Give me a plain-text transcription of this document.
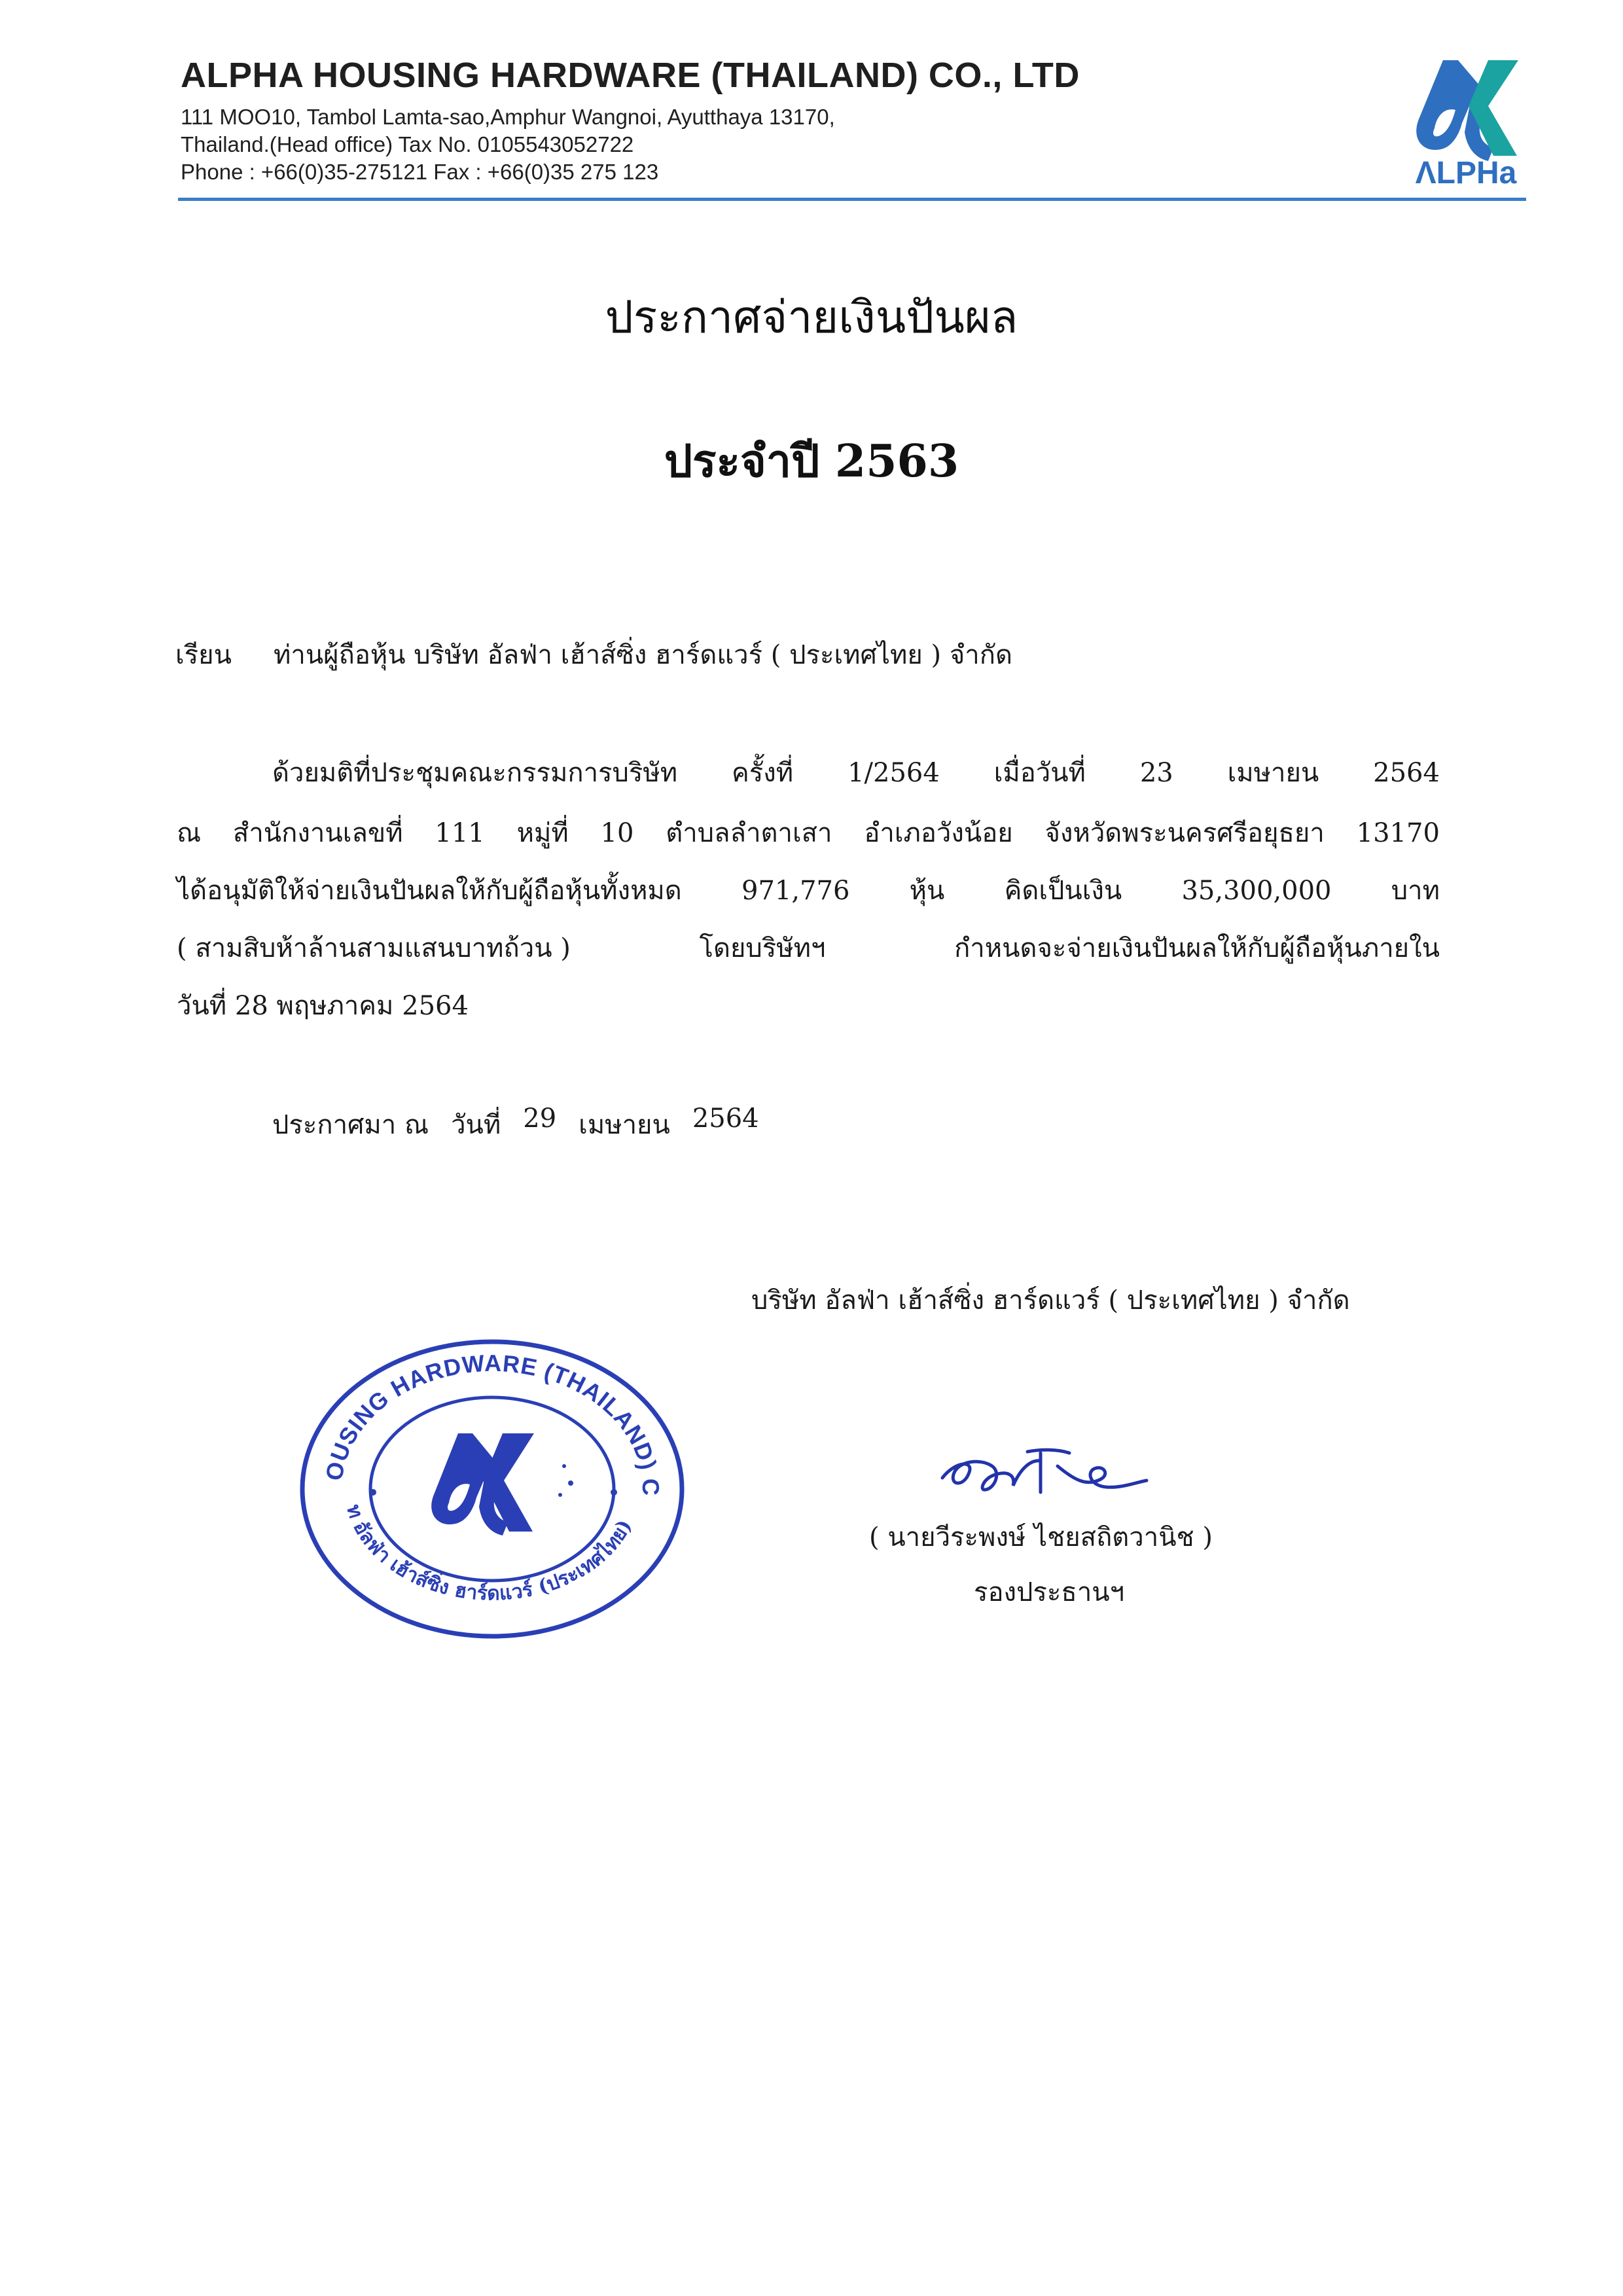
ALPHA HOUSING HARDWARE (THAILAND) CO., LTD
111 MOO10, Tambol Lamta-sao,Amphur Wangnoi, Ayutthaya 13170,
Thailand.(Head office) Tax No. 0105543052722
Phone : +66(0)35-275121 Fax : +66(0)35 275 123	ΛLPHa
ประกาศจ่ายเงินปันผล
ประจำปี 2563
เรียน ท่านผู้ถือหุ้น บริษัท อัลฟ่า เฮ้าส์ซิ่ง ฮาร์ดแวร์ ( ประเทศไทย ) จำกัด
ด้วยมติที่ประชุมคณะกรรมการบริษัท ครั้งที่ 1/2564 เมื่อวันที่ 23 เมษายน 2564
ณ สำนักงานเลขที่ 111 หมู่ที่ 10 ตำบลลำตาเสา อำเภอวังน้อย จังหวัดพระนครศรีอยุธยา 13170
ได้อนุมัติให้จ่ายเงินปันผลให้กับผู้ถือหุ้นทั้งหมด 971,776 หุ้น คิดเป็นเงิน 35,300,000 บาท
( สามสิบห้าล้านสามแสนบาทถ้วน )	โดยบริษัทฯ	กำหนดจะจ่ายเงินปันผลให้กับผู้ถือหุ้นภายใน
วันที่ 28 พฤษภาคม 2564
ประกาศมา ณ วันที่ 29 เมษายน 2564
บริษัท อัลฟ่า เฮ้าส์ซิ่ง ฮาร์ดแวร์ ( ประเทศไทย ) จำกัด
( นายวีระพงษ์ ไชยสถิตวานิช )
รองประธานฯ
OUSING HARDWARE (THAILAND) C
ท อัลฟ่า เฮ้าส์ซิ่ง ฮาร์ดแวร์ (ประเทศไทย)
